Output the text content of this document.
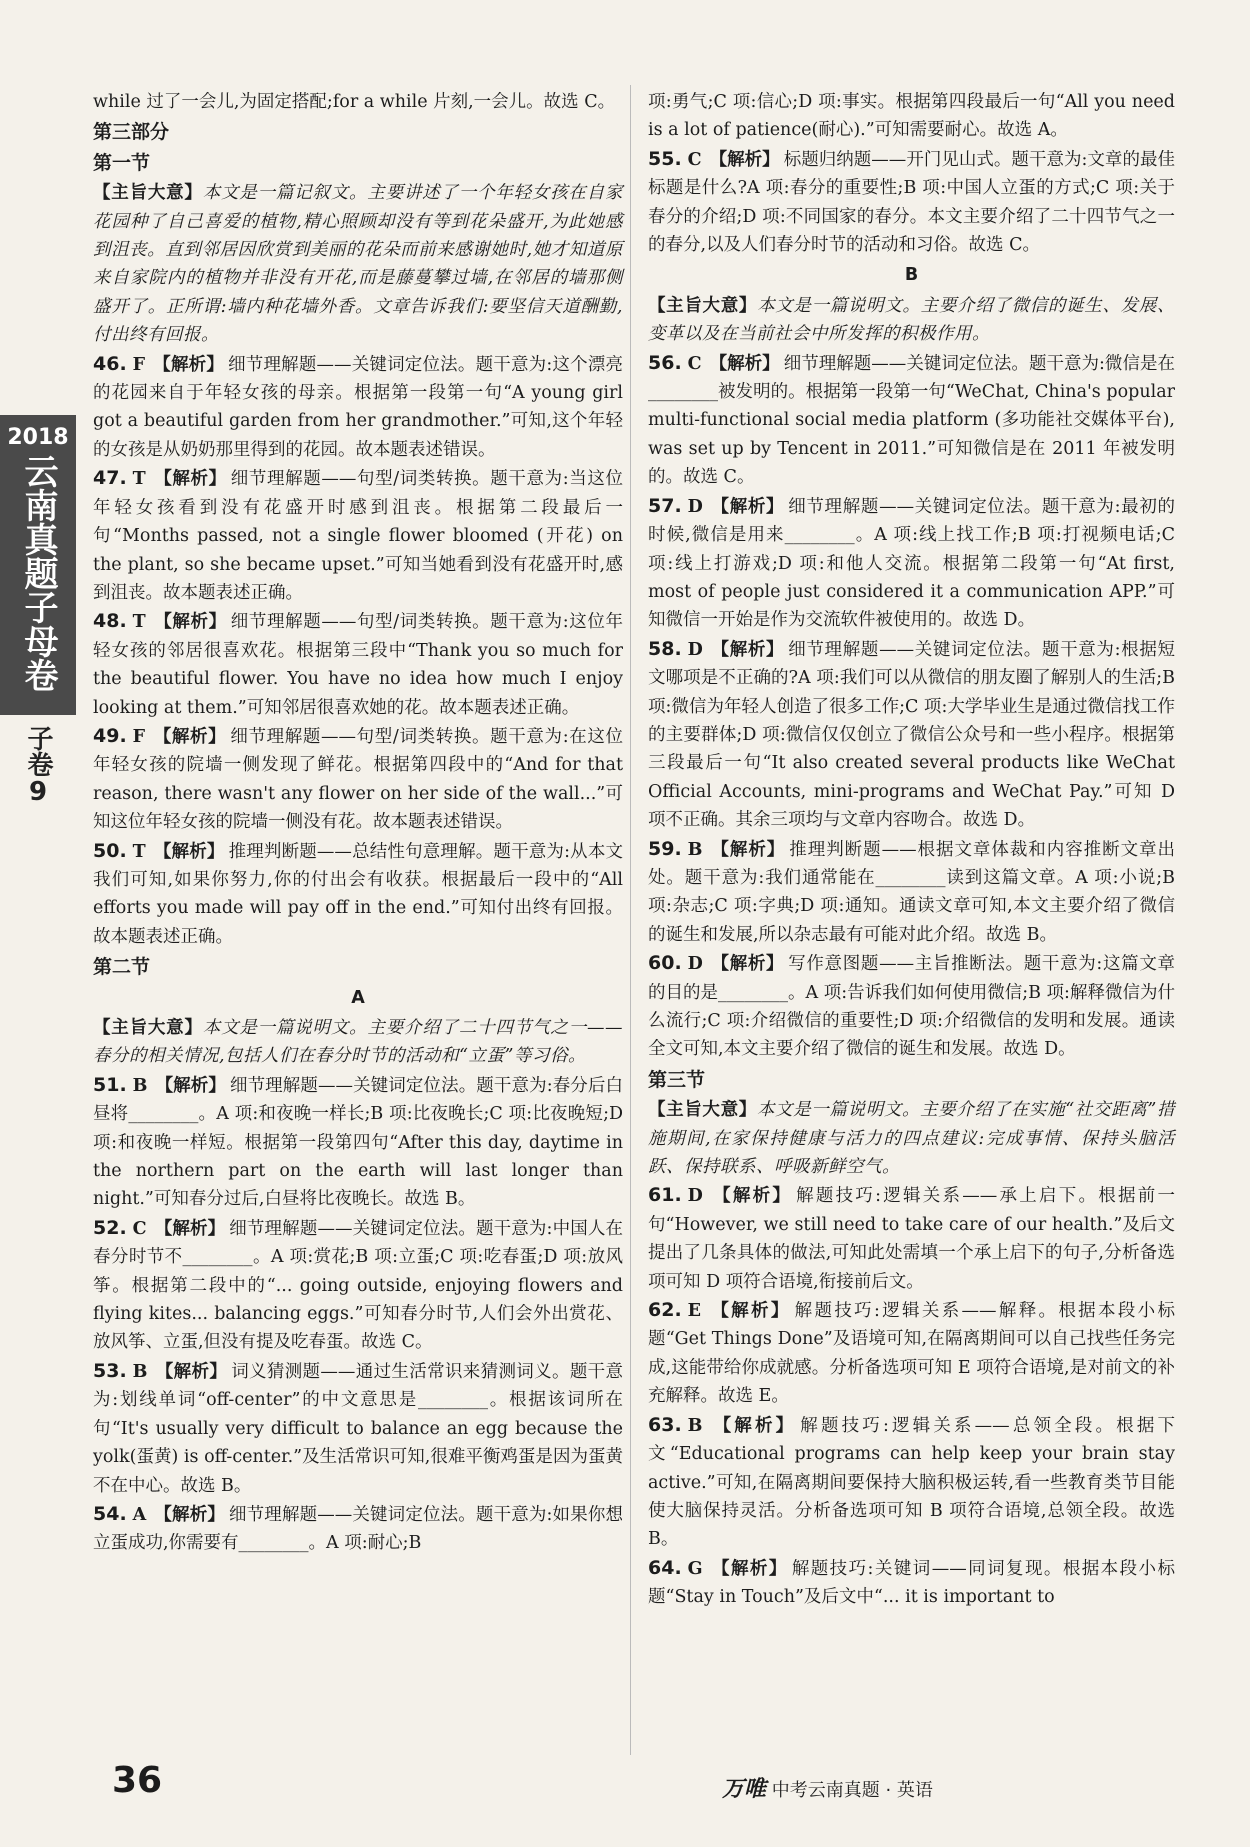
2018
云南真题子母卷
子卷
9

while 过了一会儿,为固定搭配;for a while 片刻,一会儿。故选 C。

第三部分

第一节

【主旨大意】本文是一篇记叙文。主要讲述了一个年轻女孩在自家花园种了自己喜爱的植物,精心照顾却没有等到花朵盛开,为此她感到沮丧。直到邻居因欣赏到美丽的花朵而前来感谢她时,她才知道原来自家院内的植物并非没有开花,而是藤蔓攀过墙,在邻居的墙那侧盛开了。正所谓:墙内种花墙外香。文章告诉我们:要坚信天道酬勤,付出终有回报。

46. F 【解析】 细节理解题——关键词定位法。题干意为:这个漂亮的花园来自于年轻女孩的母亲。根据第一段第一句“A young girl got a beautiful garden from her grandmother.”可知,这个年轻的女孩是从奶奶那里得到的花园。故本题表述错误。

47. T 【解析】 细节理解题——句型/词类转换。题干意为:当这位年轻女孩看到没有花盛开时感到沮丧。根据第二段最后一句“Months passed, not a single flower bloomed (开花) on the plant, so she became upset.”可知当她看到没有花盛开时,感到沮丧。故本题表述正确。

48. T 【解析】 细节理解题——句型/词类转换。题干意为:这位年轻女孩的邻居很喜欢花。根据第三段中“Thank you so much for the beautiful flower. You have no idea how much I enjoy looking at them.”可知邻居很喜欢她的花。故本题表述正确。

49. F 【解析】 细节理解题——句型/词类转换。题干意为:在这位年轻女孩的院墙一侧发现了鲜花。根据第四段中的“And for that reason, there wasn't any flower on her side of the wall...”可知这位年轻女孩的院墙一侧没有花。故本题表述错误。

50. T 【解析】 推理判断题——总结性句意理解。题干意为:从本文我们可知,如果你努力,你的付出会有收获。根据最后一段中的“All efforts you made will pay off in the end.”可知付出终有回报。故本题表述正确。

第二节

A

【主旨大意】本文是一篇说明文。主要介绍了二十四节气之一——春分的相关情况,包括人们在春分时节的活动和“立蛋”等习俗。

51. B 【解析】 细节理解题——关键词定位法。题干意为:春分后白昼将________。A 项:和夜晚一样长;B 项:比夜晚长;C 项:比夜晚短;D 项:和夜晚一样短。根据第一段第四句“After this day, daytime in the northern part on the earth will last longer than night.”可知春分过后,白昼将比夜晚长。故选 B。

52. C 【解析】 细节理解题——关键词定位法。题干意为:中国人在春分时节不________。A 项:赏花;B 项:立蛋;C 项:吃春蛋;D 项:放风筝。根据第二段中的“... going outside, enjoying flowers and flying kites... balancing eggs.”可知春分时节,人们会外出赏花、放风筝、立蛋,但没有提及吃春蛋。故选 C。

53. B 【解析】 词义猜测题——通过生活常识来猜测词义。题干意为:划线单词“off-center”的中文意思是________。根据该词所在句“It's usually very difficult to balance an egg because the yolk(蛋黄) is off-center.”及生活常识可知,很难平衡鸡蛋是因为蛋黄不在中心。故选 B。

54. A 【解析】 细节理解题——关键词定位法。题干意为:如果你想立蛋成功,你需要有________。A 项:耐心;B

项:勇气;C 项:信心;D 项:事实。根据第四段最后一句“All you need is a lot of patience(耐心).”可知需要耐心。故选 A。

55. C 【解析】 标题归纳题——开门见山式。题干意为:文章的最佳标题是什么?A 项:春分的重要性;B 项:中国人立蛋的方式;C 项:关于春分的介绍;D 项:不同国家的春分。本文主要介绍了二十四节气之一的春分,以及人们春分时节的活动和习俗。故选 C。

B

【主旨大意】本文是一篇说明文。主要介绍了微信的诞生、发展、变革以及在当前社会中所发挥的积极作用。

56. C 【解析】 细节理解题——关键词定位法。题干意为:微信是在________被发明的。根据第一段第一句“WeChat, China's popular multi-functional social media platform (多功能社交媒体平台), was set up by Tencent in 2011.”可知微信是在 2011 年被发明的。故选 C。

57. D 【解析】 细节理解题——关键词定位法。题干意为:最初的时候,微信是用来________。A 项:线上找工作;B 项:打视频电话;C 项:线上打游戏;D 项:和他人交流。根据第二段第一句“At first, most of people just considered it a communication APP.”可知微信一开始是作为交流软件被使用的。故选 D。

58. D 【解析】 细节理解题——关键词定位法。题干意为:根据短文哪项是不正确的?A 项:我们可以从微信的朋友圈了解别人的生活;B 项:微信为年轻人创造了很多工作;C 项:大学毕业生是通过微信找工作的主要群体;D 项:微信仅仅创立了微信公众号和一些小程序。根据第三段最后一句“It also created several products like WeChat Official Accounts, mini-programs and WeChat Pay.”可知 D 项不正确。其余三项均与文章内容吻合。故选 D。

59. B 【解析】 推理判断题——根据文章体裁和内容推断文章出处。题干意为:我们通常能在________读到这篇文章。A 项:小说;B 项:杂志;C 项:字典;D 项:通知。通读文章可知,本文主要介绍了微信的诞生和发展,所以杂志最有可能对此介绍。故选 B。

60. D 【解析】 写作意图题——主旨推断法。题干意为:这篇文章的目的是________。A 项:告诉我们如何使用微信;B 项:解释微信为什么流行;C 项:介绍微信的重要性;D 项:介绍微信的发明和发展。通读全文可知,本文主要介绍了微信的诞生和发展。故选 D。

第三节

【主旨大意】本文是一篇说明文。主要介绍了在实施“社交距离”措施期间,在家保持健康与活力的四点建议:完成事情、保持头脑活跃、保持联系、呼吸新鲜空气。

61. D 【解析】 解题技巧:逻辑关系——承上启下。根据前一句“However, we still need to take care of our health.”及后文提出了几条具体的做法,可知此处需填一个承上启下的句子,分析备选项可知 D 项符合语境,衔接前后文。

62. E 【解析】 解题技巧:逻辑关系——解释。根据本段小标题“Get Things Done”及语境可知,在隔离期间可以自己找些任务完成,这能带给你成就感。分析备选项可知 E 项符合语境,是对前文的补充解释。故选 E。

63. B 【解析】 解题技巧:逻辑关系——总领全段。根据下文“Educational programs can help keep your brain stay active.”可知,在隔离期间要保持大脑积极运转,看一些教育类节目能使大脑保持灵活。分析备选项可知 B 项符合语境,总领全段。故选 B。

64. G 【解析】 解题技巧:关键词——同词复现。根据本段小标题“Stay in Touch”及后文中“... it is important to

36	万唯 中考云南真题 · 英语
